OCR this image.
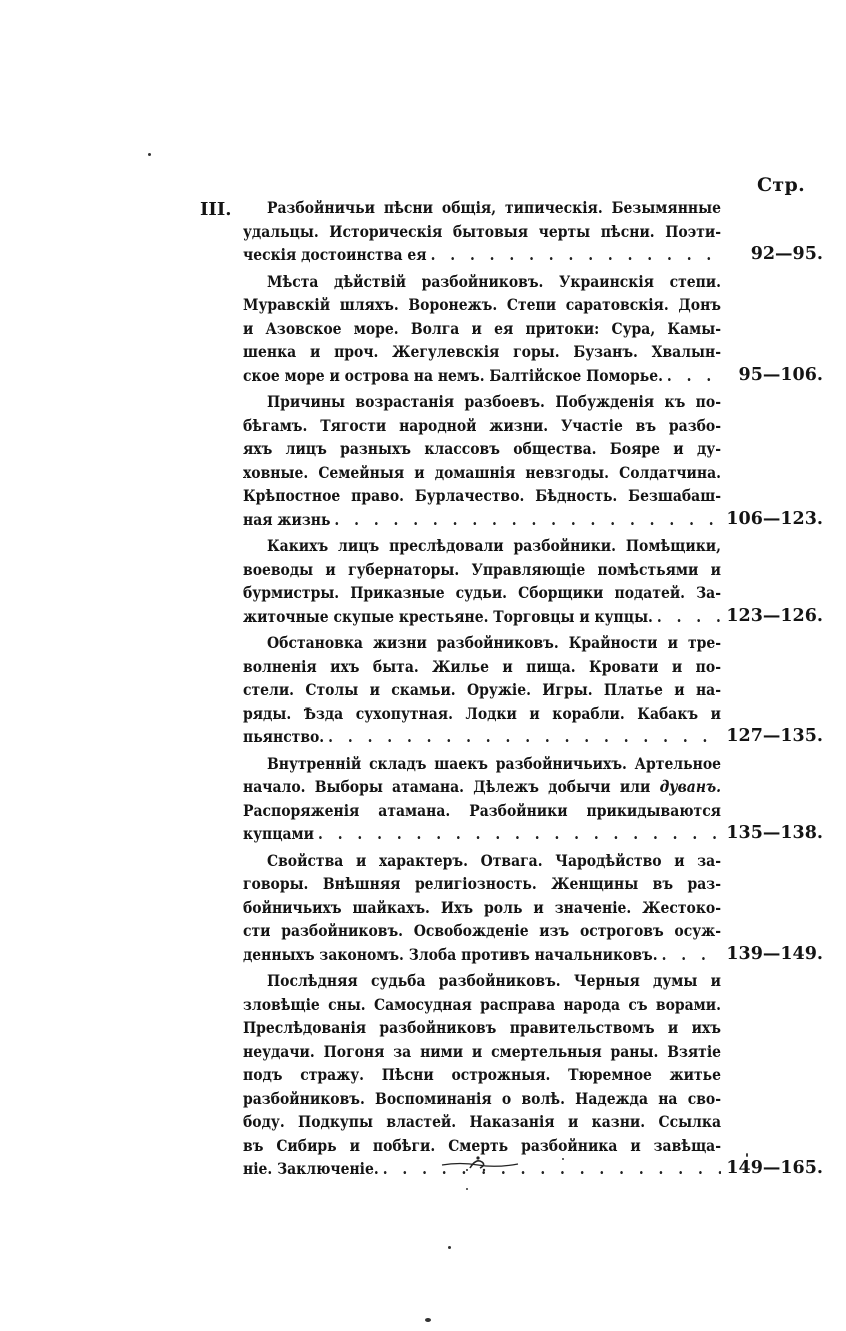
Стр.
III.	Разбойничьи пѣсни общія, типическія. Безымянные
удальцы. Историческія бытовыя черты пѣсни. Поэти-
ческія достоинства ея . . .	92—95.
Мѣста дѣйствій разбойниковъ. Украинскія степи.
Муравскій шляхъ. Воронежъ. Степи саратовскія. Донъ
и Азовское море. Волга и ея притоки: Сура, Камы-
шенка и проч. Жегулевскія горы. Бузанъ. Хвалын-
ское море и острова на немъ. Балтійское Поморье. . . .	95—106.
Причины возрастанія разбоевъ. Побужденія къ по-
бѣгамъ. Тягости народной жизни. Участіе въ разбо-
яхъ лицъ разныхъ классовъ общества. Бояре и ду-
ховные. Семейныя и домашнія невзгоды. Солдатчина.
Крѣпостное право. Бурлачество. Бѣдность. Безшабаш-
ная жизнь . . .	106—123.
Какихъ лицъ преслѣдовали разбойники. Помѣщики,
воеводы и губернаторы. Управляющіе помѣстьями и
бурмистры. Приказные судьи. Сборщики податей. За-
житочные скупые крестьяне. Торговцы и купцы. . . .	123—126.
Обстановка жизни разбойниковъ. Крайности и тре-
волненія ихъ быта. Жилье и пища. Кровати и по-
стели. Столы и скамьи. Оружіе. Игры. Платье и на-
ряды. Ѣзда сухопутная. Лодки и корабли. Кабакъ и
пьянство. . . .	127—135.
Внутренній складъ шаекъ разбойничьихъ. Артельное
начало. Выборы атамана. Дѣлежъ добычи или дуванъ.
Распоряженія атамана. Разбойники прикидываются
купцами . . .	135—138.
Свойства и характеръ. Отвага. Чародѣйство и за-
говоры. Внѣшняя религіозность. Женщины въ раз-
бойничьихъ шайкахъ. Ихъ роль и значеніе. Жестоко-
сти разбойниковъ. Освобожденіе изъ остроговъ осуж-
денныхъ закономъ. Злоба противъ начальниковъ. . . .	139—149.
Послѣдняя судьба разбойниковъ. Черныя думы и
зловѣщіе сны. Самосудная расправа народа съ ворами.
Преслѣдованія разбойниковъ правительствомъ и ихъ
неудачи. Погоня за ними и смертельныя раны. Взятіе
подъ стражу. Пѣсни острожныя. Тюремное житье
разбойниковъ. Воспоминанія о волѣ. Надежда на сво-
боду. Подкупы властей. Наказанія и казни. Ссылка
въ Сибирь и побѣги. Смерть разбойника и завѣща-
ніе. Заключеніе. . . .	149—165.
